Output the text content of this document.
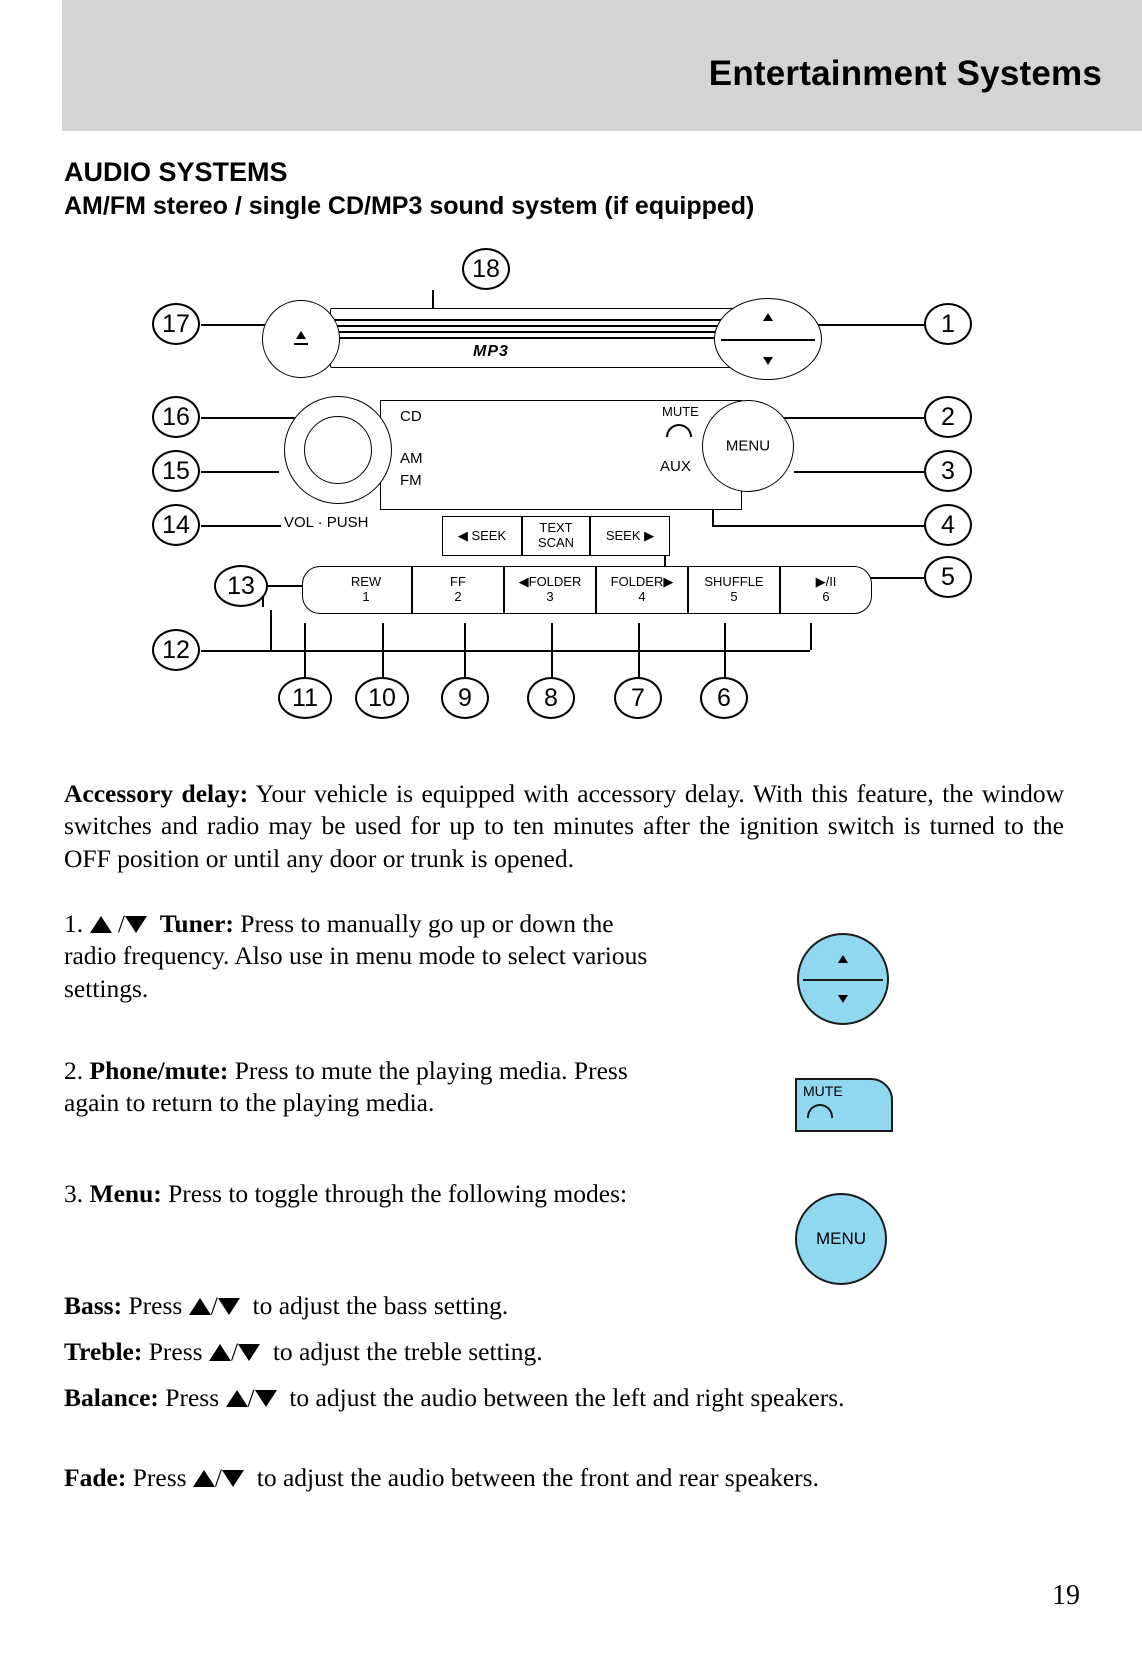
Entertainment Systems
AUDIO SYSTEMS
AM/FM stereo / single CD/MP3 sound system (if equipped)
MP3
CD
AM
FM
VOL · PUSH
MUTE
AUX
MENU
◀ SEEK	TEXT
SCAN SEEK ▶
REW
1
FF
2
◀FOLDER
3
FOLDER▶
4
SHUFFLE
5
▶/II
6
18
17	1
16
15
14
2
3
4
5
13
12
11	10	9	8	7	6
Accessory delay: Your vehicle is equipped with accessory delay. With this feature, the window switches and radio may be used for up to ten minutes after the ignition switch is turned to the OFF position or until any door or trunk is opened.
1. / Tuner: Press to manually go up or down the radio frequency. Also use in menu mode to select various settings.
2. Phone/mute: Press to mute the playing media. Press again to return to the playing media.
3. Menu: Press to toggle through the following modes:
MUTE
MENU
Bass: Press / to adjust the bass setting.
Treble: Press / to adjust the treble setting.
Balance: Press / to adjust the audio between the left and right speakers.
Fade: Press / to adjust the audio between the front and rear speakers.
19
